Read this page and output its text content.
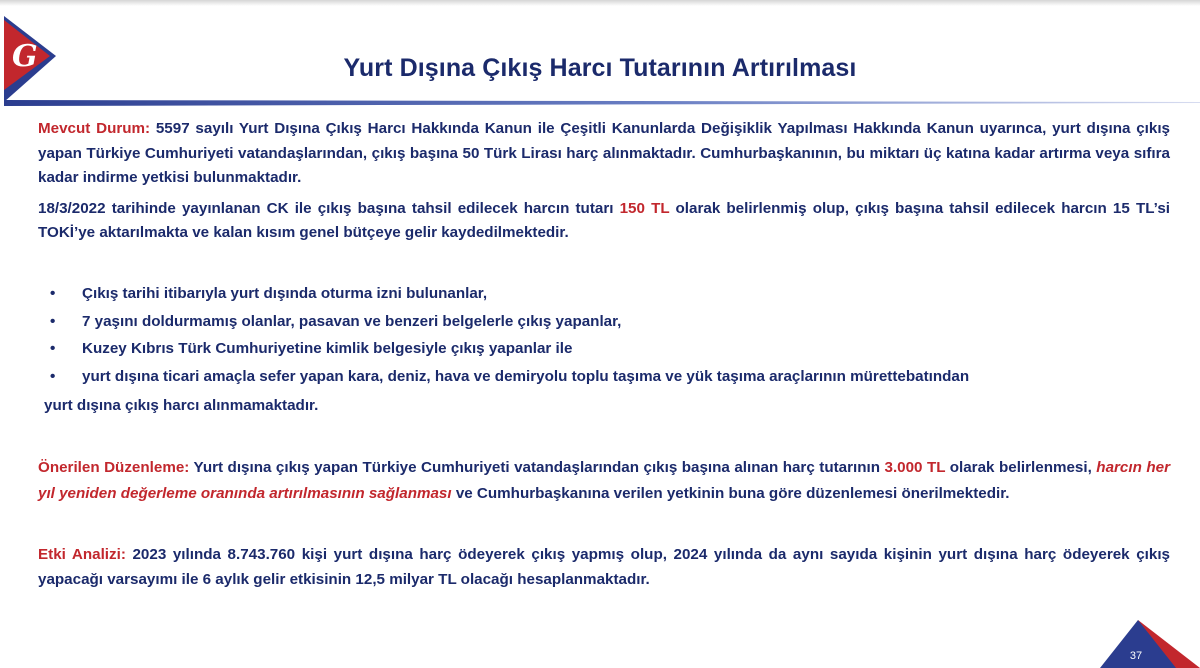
G	Yurt Dışına Çıkış Harcı Tutarının Artırılması

Mevcut Durum: 5597 sayılı Yurt Dışına Çıkış Harcı Hakkında Kanun ile Çeşitli Kanunlarda Değişiklik Yapılması Hakkında Kanun uyarınca, yurt dışına çıkış yapan Türkiye Cumhuriyeti vatandaşlarından, çıkış başına 50 Türk Lirası harç alınmaktadır. Cumhurbaşkanının, bu miktarı üç katına kadar artırma veya sıfıra kadar indirme yetkisi bulunmaktadır.

18/3/2022 tarihinde yayınlanan CK ile çıkış başına tahsil edilecek harcın tutarı 150 TL olarak belirlenmiş olup, çıkış başına tahsil edilecek harcın 15 TL’si TOKİ’ye aktarılmakta ve kalan kısım genel bütçeye gelir kaydedilmektedir.

• Çıkış tarihi itibarıyla yurt dışında oturma izni bulunanlar,
• 7 yaşını doldurmamış olanlar, pasavan ve benzeri belgelerle çıkış yapanlar,
• Kuzey Kıbrıs Türk Cumhuriyetine kimlik belgesiyle çıkış yapanlar ile
• yurt dışına ticari amaçla sefer yapan kara, deniz, hava ve demiryolu toplu taşıma ve yük taşıma araçlarının mürettebatından

yurt dışına çıkış harcı alınmamaktadır.

Önerilen Düzenleme: Yurt dışına çıkış yapan Türkiye Cumhuriyeti vatandaşlarından çıkış başına alınan harç tutarının 3.000 TL olarak belirlenmesi, harcın her yıl yeniden değerleme oranında artırılmasının sağlanması ve Cumhurbaşkanına verilen yetkinin buna göre düzenlemesi önerilmektedir.

Etki Analizi: 2023 yılında 8.743.760 kişi yurt dışına harç ödeyerek çıkış yapmış olup, 2024 yılında da aynı sayıda kişinin yurt dışına harç ödeyerek çıkış yapacağı varsayımı ile 6 aylık gelir etkisinin 12,5 milyar TL olacağı hesaplanmaktadır.

37
